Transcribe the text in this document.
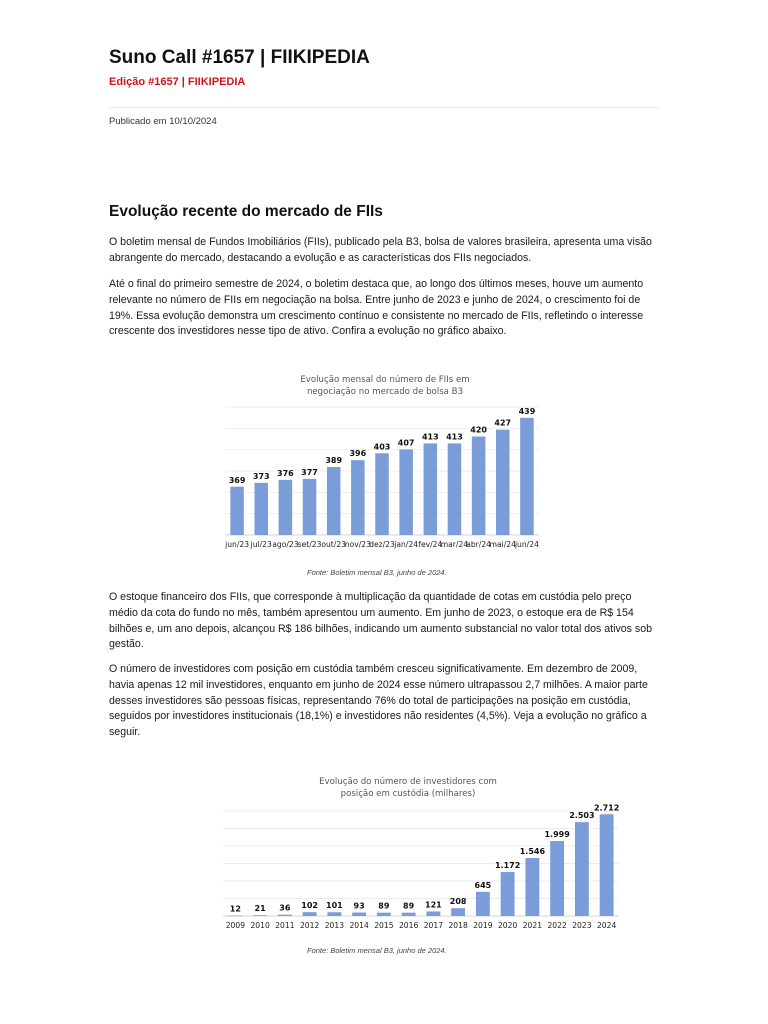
Suno Call #1657 | FIIKIPEDIA
Edição #1657 | FIIKIPEDIA
Publicado em 10/10/2024
Evolução recente do mercado de FIIs

O boletim mensal de Fundos Imobiliários (FIIs), publicado pela B3, bolsa de valores brasileira, apresenta uma visão abrangente do mercado, destacando a evolução e as características dos FIIs negociados.

Até o final do primeiro semestre de 2024, o boletim destaca que, ao longo dos últimos meses, houve um aumento relevante no número de FIIs em negociação na bolsa. Entre junho de 2023 e junho de 2024, o crescimento foi de 19%. Essa evolução demonstra um crescimento contínuo e consistente no mercado de FIIs, refletindo o interesse crescente dos investidores nesse tipo de ativo. Confira a evolução no gráfico abaixo.

Evolução mensal do número de FIIs em
negociação no mercado de bolsa B3
369
jun/23
373
jul/23
376
ago/23
377
set/23
389
out/23
396
nov/23
403
dez/23
407
jan/24
413
fev/24
413
mar/24
420
abr/24
427
mai/24
439
jun/24
Fonte: Boletim mensal B3, junho de 2024.

O estoque financeiro dos FIIs, que corresponde à multiplicação da quantidade de cotas em custódia pelo preço médio da cota do fundo no mês, também apresentou um aumento. Em junho de 2023, o estoque era de R$ 154 bilhões e, um ano depois, alcançou R$ 186 bilhões, indicando um aumento substancial no valor total dos ativos sob gestão.

O número de investidores com posição em custódia também cresceu significativamente. Em dezembro de 2009, havia apenas 12 mil investidores, enquanto em junho de 2024 esse número ultrapassou 2,7 milhões. A maior parte desses investidores são pessoas físicas, representando 76% do total de participações na posição em custódia, seguidos por investidores institucionais (18,1%) e investidores não residentes (4,5%). Veja a evolução no gráfico a seguir.

Evolução do número de investidores com
posição em custódia (milhares)
12
2009
21
2010
36
2011
102
2012
101
2013
93
2014
89
2015
89
2016
121
2017
208
2018
645
2019
1.172
2020
1.546
2021
1.999
2022
2.503
2023
2.712
2024
Fonte: Boletim mensal B3, junho de 2024.
